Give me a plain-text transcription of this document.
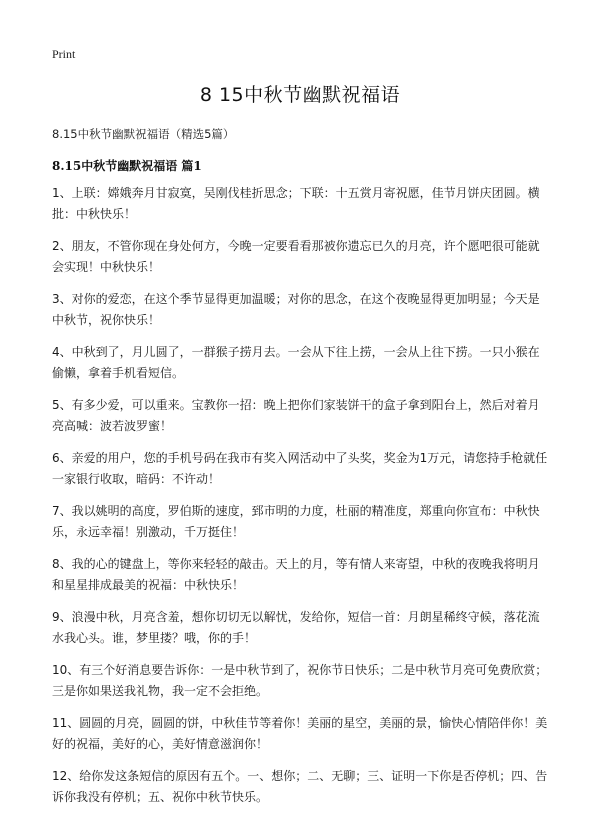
Print
8 15中秋节幽默祝福语
8.15中秋节幽默祝福语（精选5篇）
8.15中秋节幽默祝福语 篇1

1、上联：嫦娥奔月甘寂寞，吴刚伐桂折思念；下联：十五赏月寄祝愿，佳节月饼庆团圆。横批：中秋快乐！

2、朋友，不管你现在身处何方，今晚一定要看看那被你遗忘已久的月亮，许个愿吧很可能就会实现！中秋快乐！

3、对你的爱恋，在这个季节显得更加温暖；对你的思念，在这个夜晚显得更加明显；今天是中秋节，祝你快乐！

4、中秋到了，月儿圆了，一群猴子捞月去。一会从下往上捞，一会从上往下捞。一只小猴在偷懒，拿着手机看短信。

5、有多少爱，可以重来。宝教你一招：晚上把你们家装饼干的盒子拿到阳台上，然后对着月亮高喊：波若波罗蜜！

6、亲爱的用户，您的手机号码在我市有奖入网活动中了头奖，奖金为1万元，请您持手枪就任一家银行收取，暗码：不许动！

7、我以姚明的高度，罗伯斯的速度，郅市明的力度，杜丽的精准度，郑重向你宣布：中秋快乐，永远幸福！别激动，千万挺住！

8、我的心的键盘上，等你来轻轻的敲击。天上的月，等有情人来寄望，中秋的夜晚我将明月和星星排成最美的祝福：中秋快乐！

9、浪漫中秋，月亮含羞，想你切切无以解忧，发给你，短信一首：月朗星稀终守候，落花流水我心头。谁，梦里搂？哦，你的手！

10、有三个好消息要告诉你：一是中秋节到了，祝你节日快乐；二是中秋节月亮可免费欣赏；三是你如果送我礼物，我一定不会拒绝。

11、圆圆的月亮，圆圆的饼，中秋佳节等着你！美丽的星空，美丽的景，愉快心情陪伴你！美好的祝福，美好的心，美好情意滋润你！

12、给你发这条短信的原因有五个。一、想你；二、无聊；三、证明一下你是否停机；四、告诉你我没有停机；五、祝你中秋节快乐。
